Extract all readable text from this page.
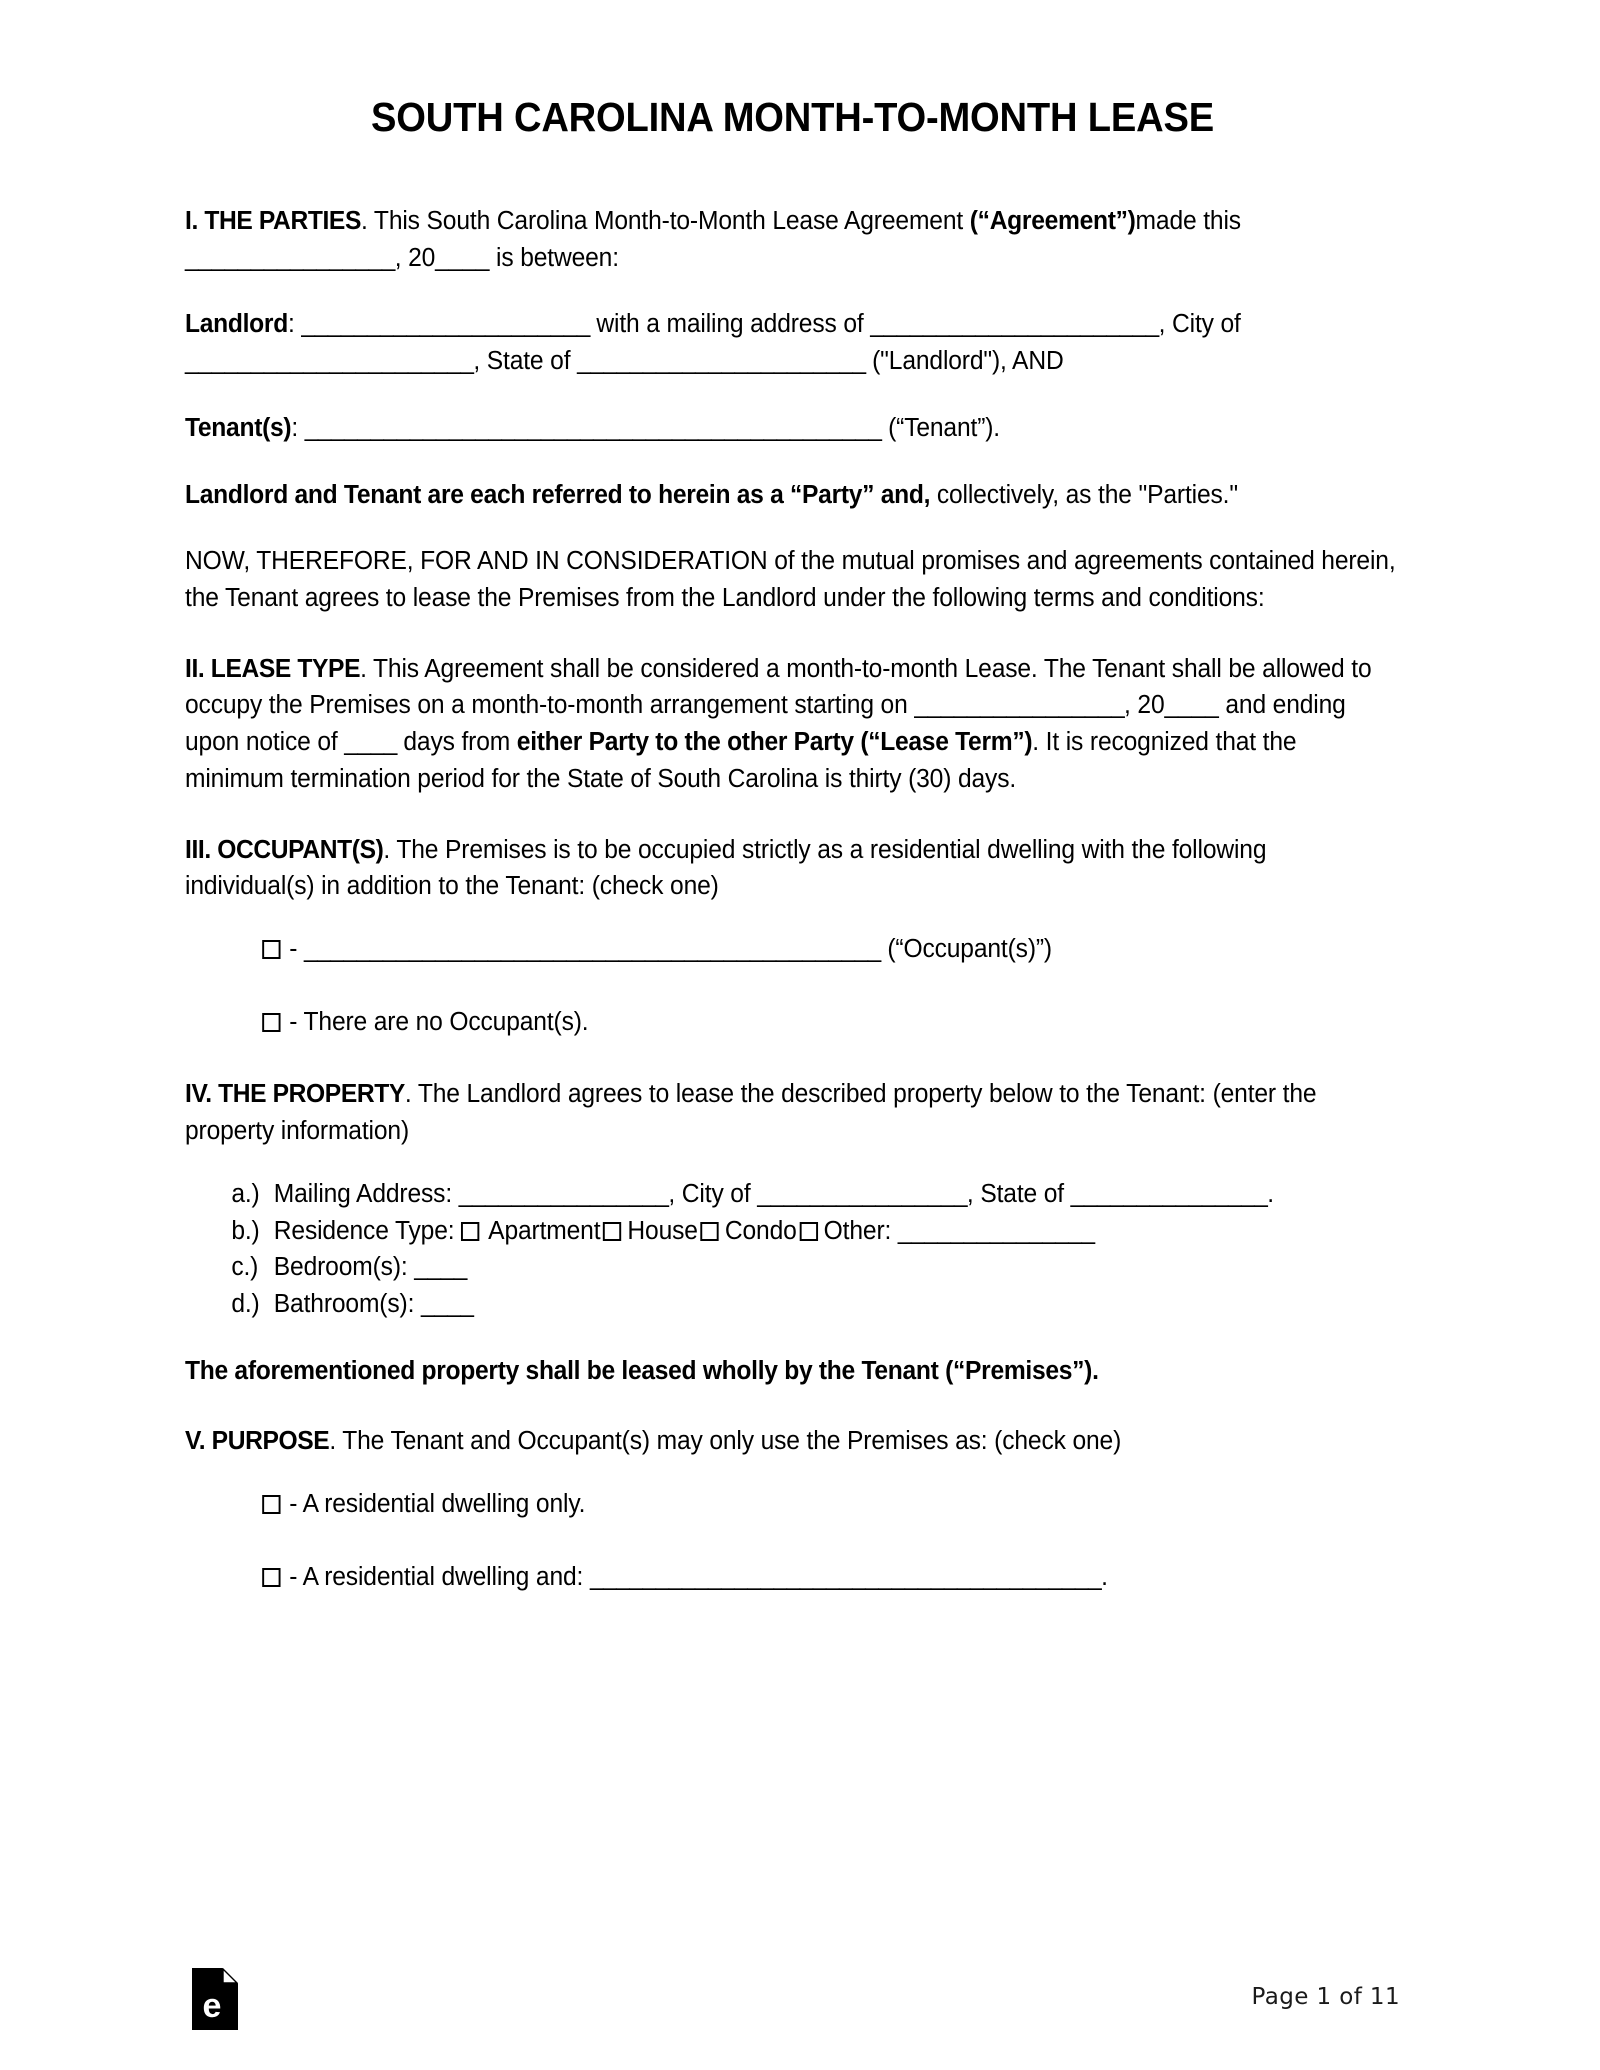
SOUTH CAROLINA MONTH-TO-MONTH LEASE

I. THE PARTIES. This South Carolina Month-to-Month Lease Agreement (“Agreement”)made this ________________, 20____ is between:

Landlord: ______________________ with a mailing address of ______________________, City of ______________________, State of ______________________ ("Landlord"), AND

Tenant(s): ____________________________________________ (“Tenant”).

Landlord and Tenant are each referred to herein as a “Party” and, collectively, as the "Parties."

NOW, THEREFORE, FOR AND IN CONSIDERATION of the mutual promises and agreements contained herein, the Tenant agrees to lease the Premises from the Landlord under the following terms and conditions:

II. LEASE TYPE. This Agreement shall be considered a month-to-month Lease. The Tenant shall be allowed to occupy the Premises on a month-to-month arrangement starting on ________________, 20____ and ending upon notice of ____ days from either Party to the other Party (“Lease Term”). It is recognized that the minimum termination period for the State of South Carolina is thirty (30) days.

III. OCCUPANT(S). The Premises is to be occupied strictly as a residential dwelling with the following individual(s) in addition to the Tenant: (check one)

- ____________________________________________ (“Occupant(s)”)

- There are no Occupant(s).

IV. THE PROPERTY. The Landlord agrees to lease the described property below to the Tenant: (enter the property information)

a.) Mailing Address: ________________, City of ________________, State of _______________.
b.) Residence Type: Apartment House Condo Other: _______________
c.) Bedroom(s): ____
d.) Bathroom(s): ____

The aforementioned property shall be leased wholly by the Tenant (“Premises”).

V. PURPOSE. The Tenant and Occupant(s) may only use the Premises as: (check one)

- A residential dwelling only.

- A residential dwelling and: _______________________________________.

e	Page 1 of 11
